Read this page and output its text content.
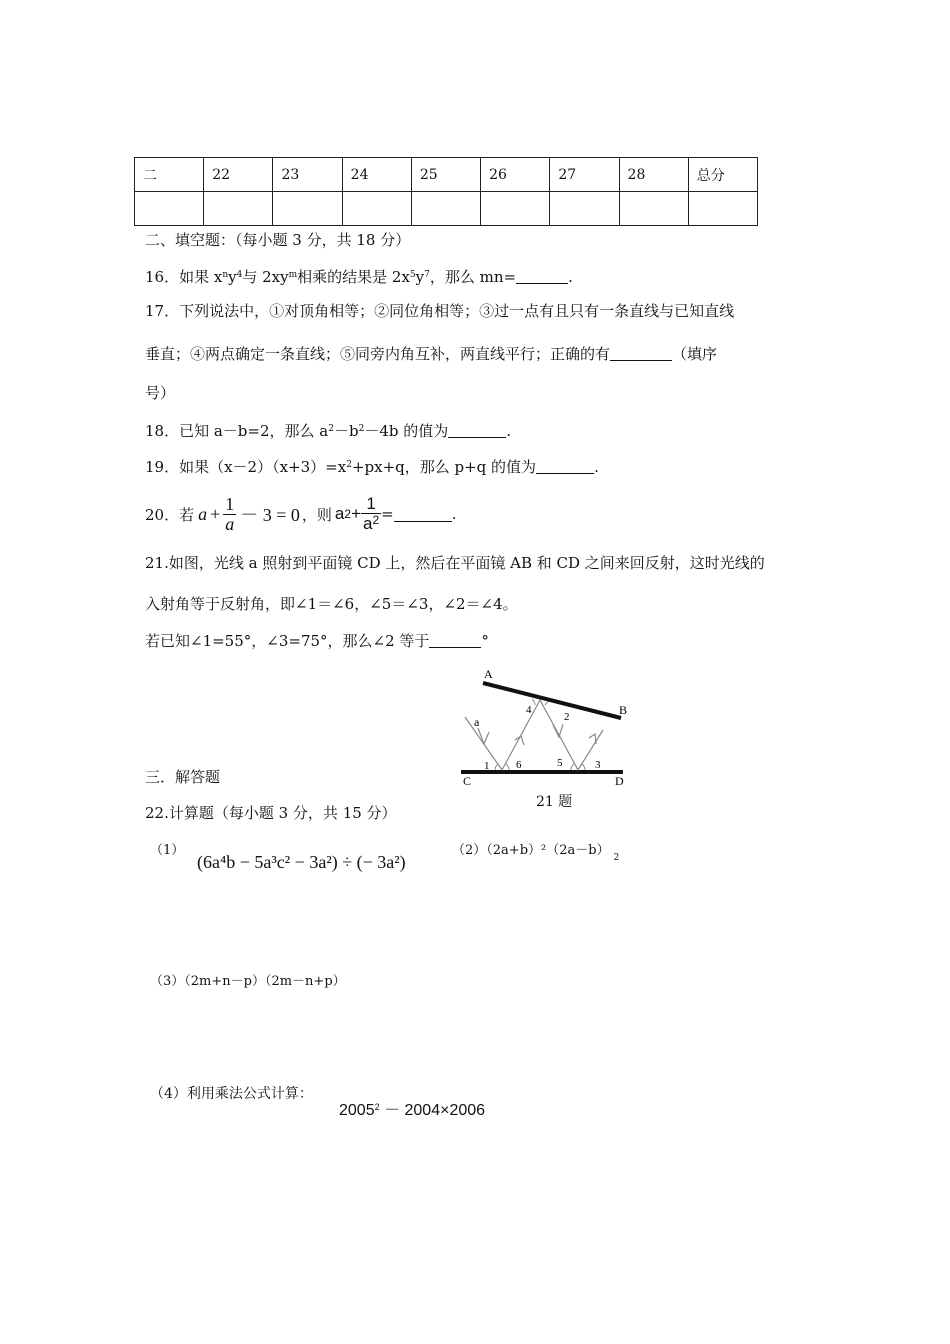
二	22	23	24	25	26	27	28	总分

二、填空题：（每小题 3 分，共 18 分）
16．如果 $x^ny^4$与 $2xy^m$相乘的结果是 $2x^5y^7$，那么 mn=	.
17．下列说法中，①对顶角相等；②同位角相等；③过一点有且只有一条直线与已知直线
垂直；④两点确定一条直线；⑤同旁内角互补，两直线平行；正确的有	（填序
号）
18．已知 a－b=2，那么 $a^2-b^2-4b$ 的值为	.
19．如果$(x-2)(x+3)=x^2+px+q$，那么 p+q 的值为	.
20．若 $a + \frac{1}{a} - 3 = 0$ ，则 a $2 + \frac{1}{a^2}$ =	.
21.如图，光线 a 照射到平面镜 CD 上，然后在平面镜 AB 和 CD 之间来回反射，这时光线的
入射角等于反射角，即∠1＝∠6，∠5＝∠3，∠2＝∠4。
若已知∠1=55°，∠3=75°，那么∠2 等于	°
A
B
C	D
a
1 6	5	3
4
2
21 题
三．解答题
22.计算题（每小题 3 分，共 15 分）
（1）
(6a⁴b − 5a³c² − 3a²) ÷ (− 3a²)
（2）（2a+b）²（2a－b） $_2$
（3）（2m+n－p）（2m－n+p）
（4）利用乘法公式计算：
$2005^2 - 2004\times 2006$
